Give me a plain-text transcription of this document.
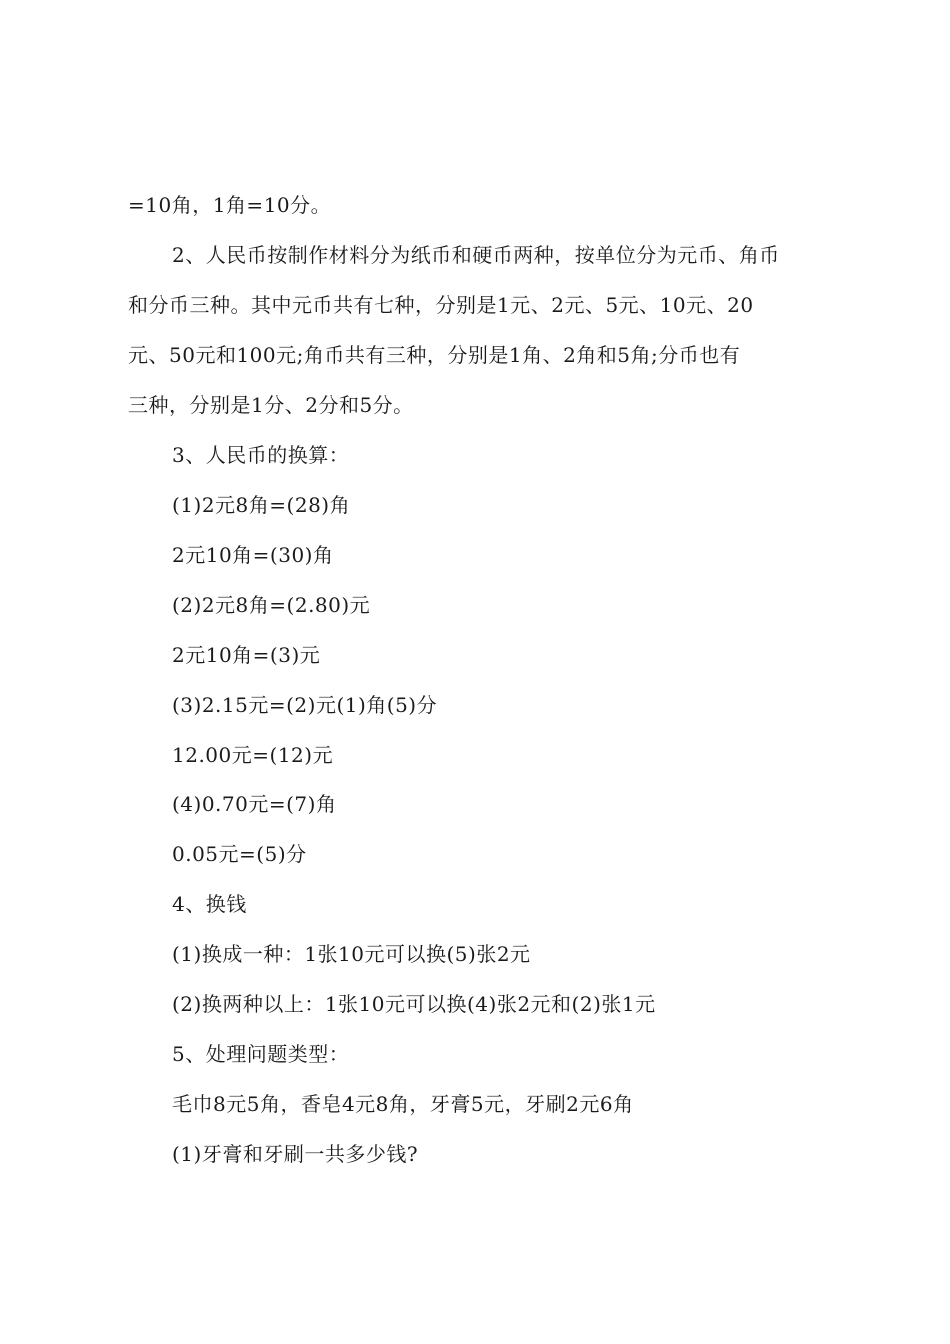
=10角，1角=10分。
2、人民币按制作材料分为纸币和硬币两种，按单位分为元币、角币
和分币三种。其中元币共有七种，分别是1元、2元、5元、10元、20
元、50元和100元;角币共有三种，分别是1角、2角和5角;分币也有
三种，分别是1分、2分和5分。
3、人民币的换算：
(1)2元8角=(28)角
2元10角=(30)角
(2)2元8角=(2.80)元
2元10角=(3)元
(3)2.15元=(2)元(1)角(5)分
12.00元=(12)元
(4)0.70元=(7)角
0.05元=(5)分
4、换钱
(1)换成一种：1张10元可以换(5)张2元
(2)换两种以上：1张10元可以换(4)张2元和(2)张1元
5、处理问题类型：
毛巾8元5角，香皂4元8角，牙膏5元，牙刷2元6角
(1)牙膏和牙刷一共多少钱?
